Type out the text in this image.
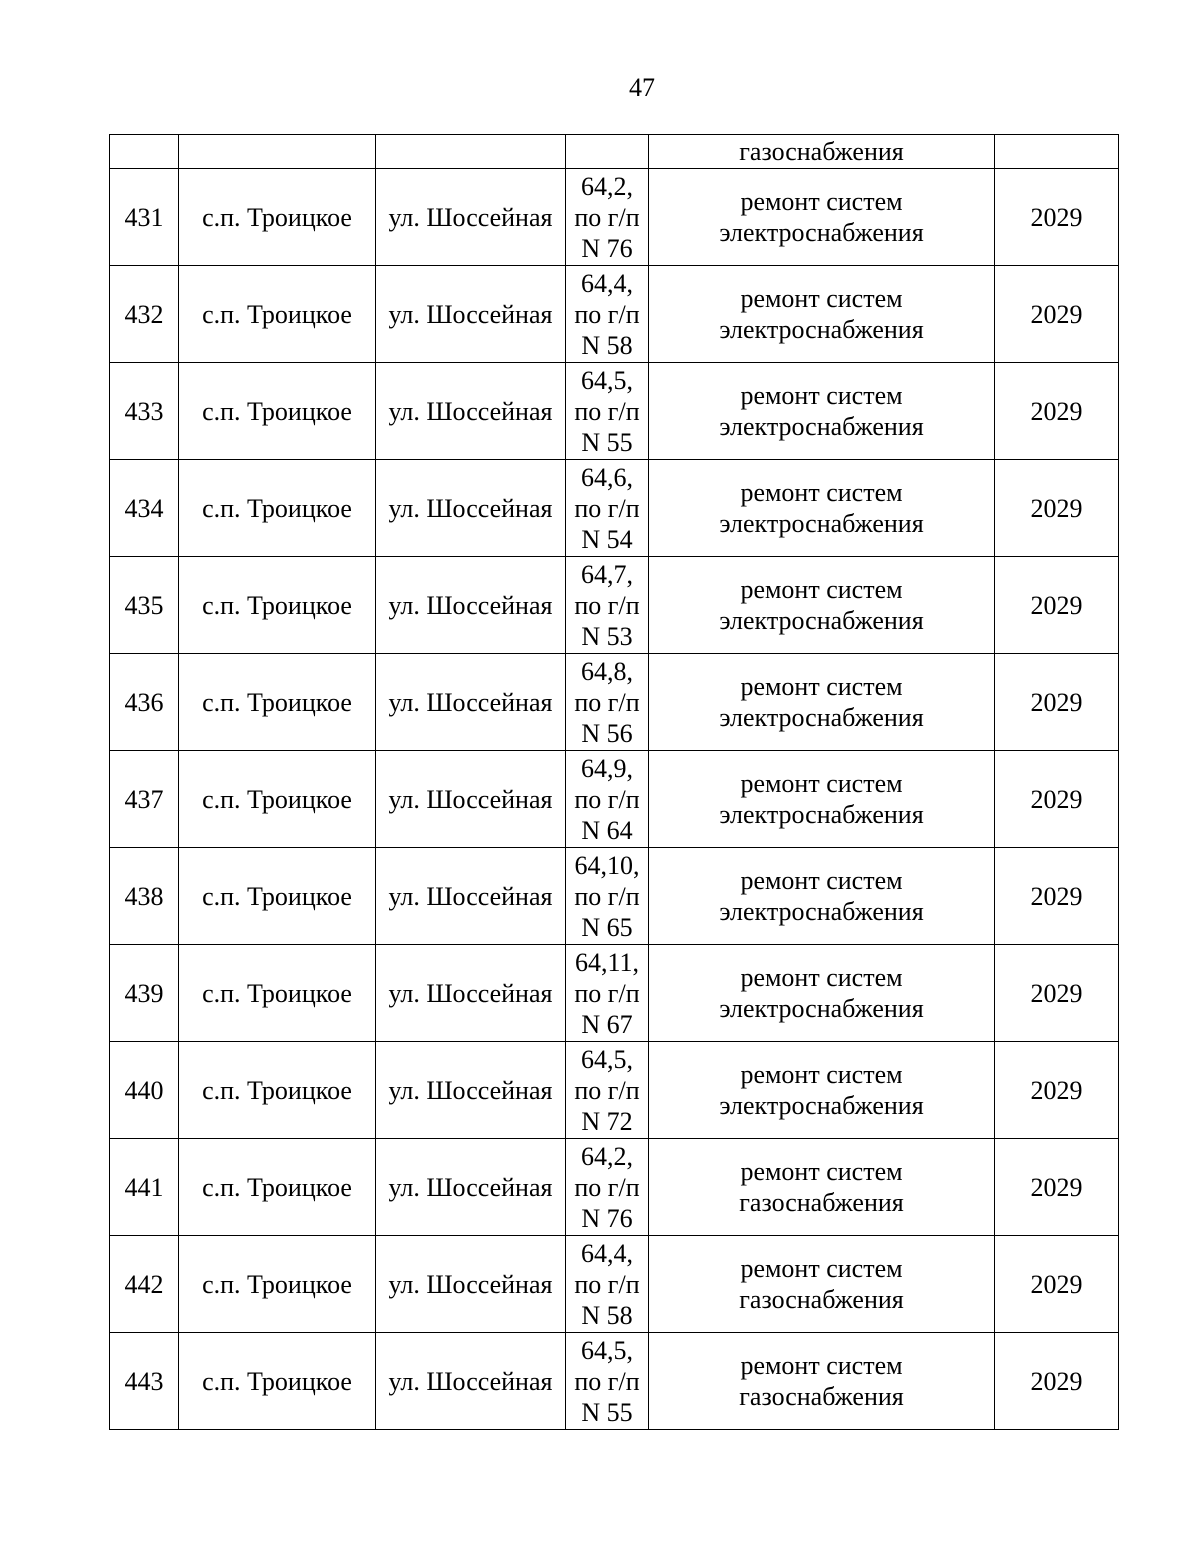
47
				газоснабжения	
431	с.п. Троицкое	ул. Шоссейная	64,2,
по г/п
N 76	ремонт систем
электроснабжения	2029
432	с.п. Троицкое	ул. Шоссейная	64,4,
по г/п
N 58	ремонт систем
электроснабжения	2029
433	с.п. Троицкое	ул. Шоссейная	64,5,
по г/п
N 55	ремонт систем
электроснабжения	2029
434	с.п. Троицкое	ул. Шоссейная	64,6,
по г/п
N 54	ремонт систем
электроснабжения	2029
435	с.п. Троицкое	ул. Шоссейная	64,7,
по г/п
N 53	ремонт систем
электроснабжения	2029
436	с.п. Троицкое	ул. Шоссейная	64,8,
по г/п
N 56	ремонт систем
электроснабжения	2029
437	с.п. Троицкое	ул. Шоссейная	64,9,
по г/п
N 64	ремонт систем
электроснабжения	2029
438	с.п. Троицкое	ул. Шоссейная	64,10,
по г/п
N 65	ремонт систем
электроснабжения	2029
439	с.п. Троицкое	ул. Шоссейная	64,11,
по г/п
N 67	ремонт систем
электроснабжения	2029
440	с.п. Троицкое	ул. Шоссейная	64,5,
по г/п
N 72	ремонт систем
электроснабжения	2029
441	с.п. Троицкое	ул. Шоссейная	64,2,
по г/п
N 76	ремонт систем
газоснабжения	2029
442	с.п. Троицкое	ул. Шоссейная	64,4,
по г/п
N 58	ремонт систем
газоснабжения	2029
443	с.п. Троицкое	ул. Шоссейная	64,5,
по г/п
N 55	ремонт систем
газоснабжения	2029
